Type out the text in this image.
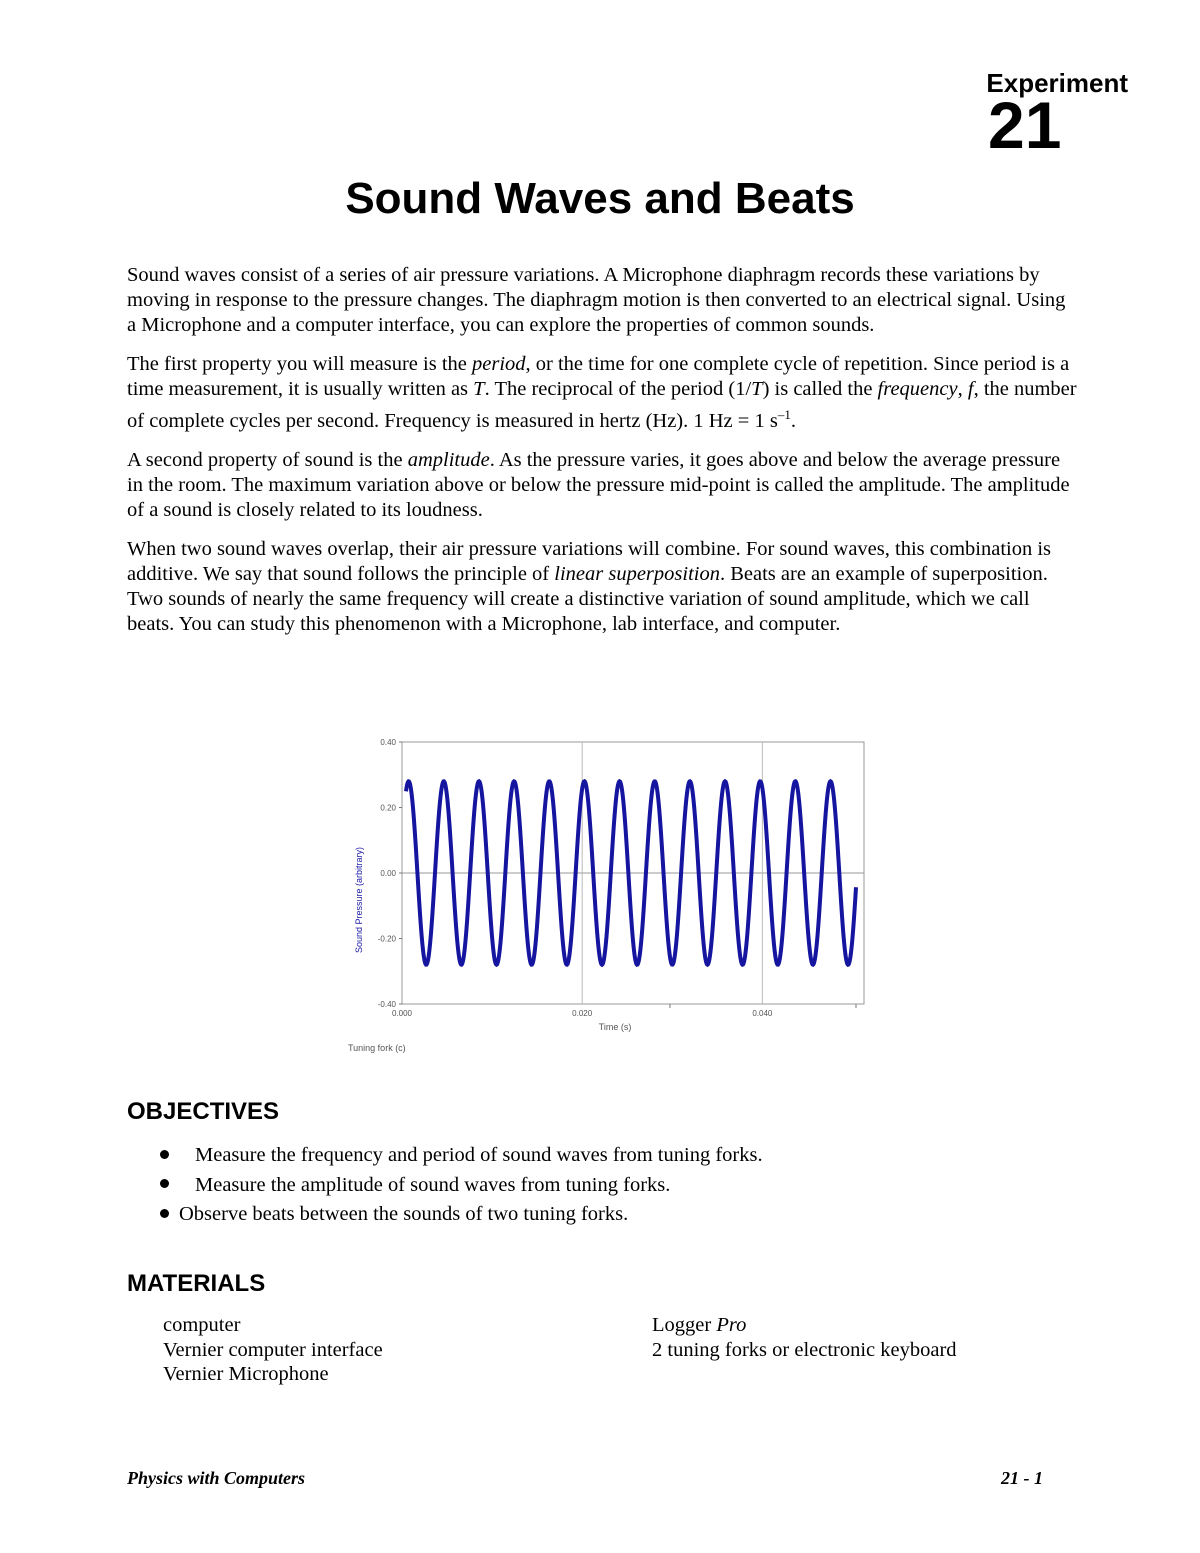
Experiment
21
Sound Waves and Beats

Sound waves consist of a series of air pressure variations. A Microphone diaphragm records these variations by moving in response to the pressure changes. The diaphragm motion is then converted to an electrical signal. Using a Microphone and a computer interface, you can explore the properties of common sounds.

The first property you will measure is the period, or the time for one complete cycle of repetition. Since period is a time measurement, it is usually written as T. The reciprocal of the period (1/T) is called the frequency, f, the number of complete cycles per second. Frequency is measured in hertz (Hz). 1 Hz = 1 $s^{-1}$.

A second property of sound is the amplitude. As the pressure varies, it goes above and below the average pressure in the room. The maximum variation above or below the pressure mid-point is called the amplitude. The amplitude of a sound is closely related to its loudness.

When two sound waves overlap, their air pressure variations will combine. For sound waves, this combination is additive. We say that sound follows the principle of linear superposition. Beats are an example of superposition. Two sounds of nearly the same frequency will create a distinctive variation of sound amplitude, which we call beats. You can study this phenomenon with a Microphone, lab interface, and computer.

0.40
0.20
0.00
-0.20
-0.40
0.000	0.020	0.040
Sound Pressure (arbitrary)
Time (s)
Tuning fork (c)
OBJECTIVES
Measure the frequency and period of sound waves from tuning forks.
Measure the amplitude of sound waves from tuning forks.
Observe beats between the sounds of two tuning forks.
MATERIALS
computer
Vernier computer interface
Vernier Microphone
Logger Pro
2 tuning forks or electronic keyboard
Physics with Computers	21 - 1
